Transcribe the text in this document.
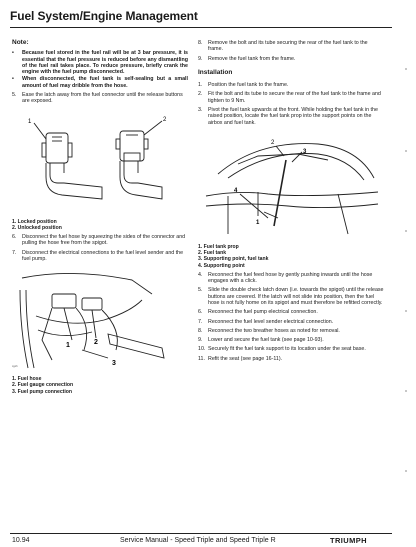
Fuel System/Engine Management
Note:
•	Because fuel stored in the fuel rail will be at 3 bar pressure, it is essential that the fuel pressure is reduced before any dismantling of the fuel rail takes place. To reduce pressure, briefly crank the engine with the fuel pump disconnected.
•	When disconnected, the fuel tank is self-sealing but a small amount of fuel may dribble from the hose.
5.	Ease the latch away from the fuel connector until the release buttons are exposed.
1	2
1. Locked position
2. Unlocked position
6.	Disconnect the fuel hose by squeezing the sides of the connector and pulling the hose free from the spigot.
7.	Disconnect the electrical connections to the fuel level sender and the fuel pump.
1	2
3
cgoh
1. Fuel hose
2. Fuel gauge connection
3. Fuel pump connection
8.	Remove the bolt and its tube securing the rear of the fuel tank to the frame.
9.	Remove the fuel tank from the frame.
Installation
1.	Position the fuel tank to the frame.
2.	Fit the bolt and its tube to secure the rear of the fuel tank to the frame and tighten to 9 Nm.
3.	Pivot the fuel tank upwards at the front. While holding the fuel tank in the raised position, locate the fuel tank prop into the support points on the airbox and fuel tank.
2
3
4
1
1. Fuel tank prop
2. Fuel tank
3. Supporting point, fuel tank
4. Supporting point
4.	Reconnect the fuel feed hose by gently pushing inwards until the hose engages with a click.
5.	Slide the double check latch down (i.e. towards the spigot) until the release buttons are covered. If the latch will not slide into position, then the fuel hose is not fully home on its spigot and must therefore be refitted correctly.
6.	Reconnect the fuel pump electrical connection.
7.	Reconnect the fuel level sender electrical connection.
8.	Reconnect the two breather hoses as noted for removal.
9.	Lower and secure the fuel tank (see page 10-93).
10. Securely fit the fuel tank support to its location under the seat base.
11. Refit the seat (see page 16-11).
10.94	Service Manual - Speed Triple and Speed Triple R	TRIUMPH
